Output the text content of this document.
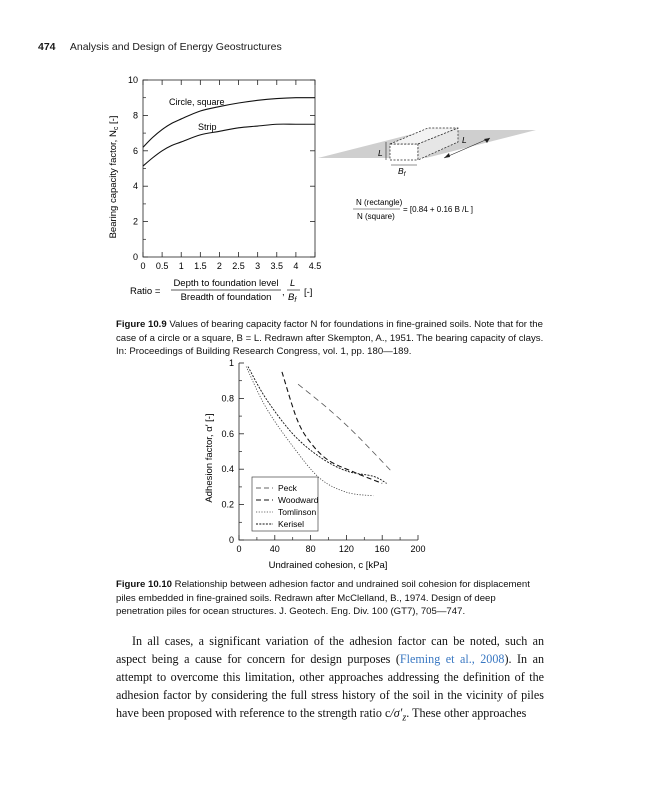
474 Analysis and Design of Energy Geostructures
0 0.5 1 1.5 2 2.5 3 3.5 4 4.5
0
2
4
6
8
10
Circle, square
Strip
Bearing capacity factor, $N_c$ [-]
Ratio =
Depth to foundation level
Breadth of foundation ,
L
$B_f$
[-]
L
$B_f$
L
N (rectangle)
N (square)
= [0.84 + 0.16 B /L ]
Figure 10.9 Values of bearing capacity factor N for foundations in fine-grained soils. Note that for the case of a circle or a square, B = L. Redrawn after Skempton, A., 1951. The bearing capacity of clays. In: Proceedings of Building Research Congress, vol. 1, pp. 180—189.
0	40	80	120 160 200
0
0.2
0.4
0.6
0.8
1
Adhesion factor, α′ [-]
Undrained cohesion, c [kPa]
Peck
Woodward
Tomlinson
Kerisel
Figure 10.10 Relationship between adhesion factor and undrained soil cohesion for displacement piles embedded in fine-grained soils. Redrawn after McClelland, B., 1974. Design of deep penetration piles for ocean structures. J. Geotech. Eng. Div. 100 (GT7), 705—747.
In all cases, a significant variation of the adhesion factor can be noted, such an aspect being a cause for concern for design purposes (Fleming et al., 2008). In an attempt to overcome this limitation, other approaches addressing the definition of the adhesion factor by considering the full stress history of the soil in the vicinity of piles have been proposed with reference to the strength ratio $c/\sigma'_z$. These other approaches
